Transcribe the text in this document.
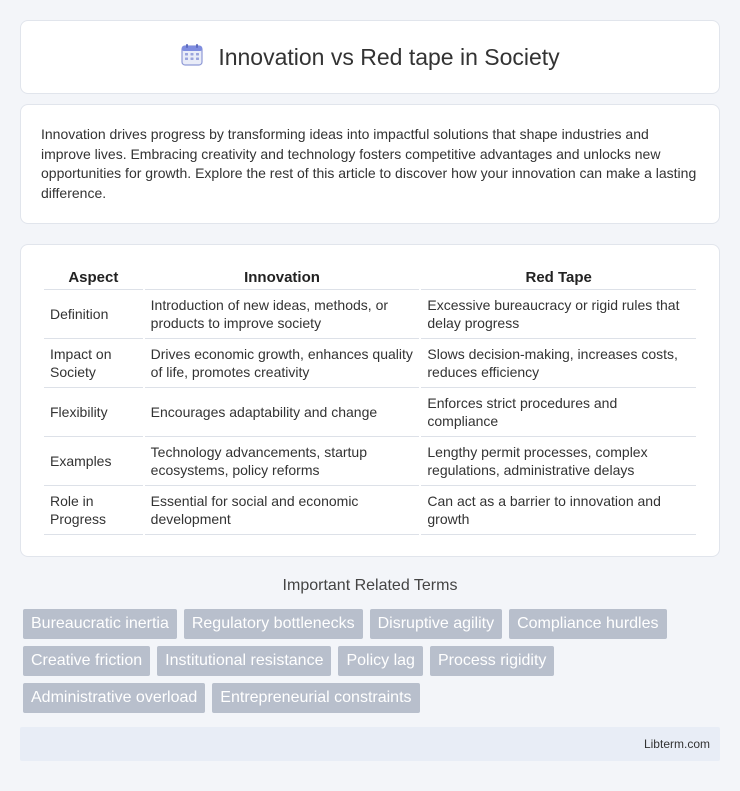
Innovation vs Red tape in Society

Innovation drives progress by transforming ideas into impactful solutions that shape industries and improve lives. Embracing creativity and technology fosters competitive advantages and unlocks new opportunities for growth. Explore the rest of this article to discover how your innovation can make a lasting difference.

Aspect	Innovation	Red Tape
Definition	Introduction of new ideas, methods, or products to improve society	Excessive bureaucracy or rigid rules that delay progress
Impact on Society	Drives economic growth, enhances quality of life, promotes creativity	Slows decision-making, increases costs, reduces efficiency
Flexibility	Encourages adaptability and change	Enforces strict procedures and compliance
Examples	Technology advancements, startup ecosystems, policy reforms	Lengthy permit processes, complex regulations, administrative delays
Role in Progress	Essential for social and economic development	Can act as a barrier to innovation and growth
Important Related Terms
Bureaucratic inertia	Regulatory bottlenecks	Disruptive agility	Compliance hurdles
Creative friction	Institutional resistance	Policy lag	Process rigidity
Administrative overload	Entrepreneurial constraints
Libterm.com
